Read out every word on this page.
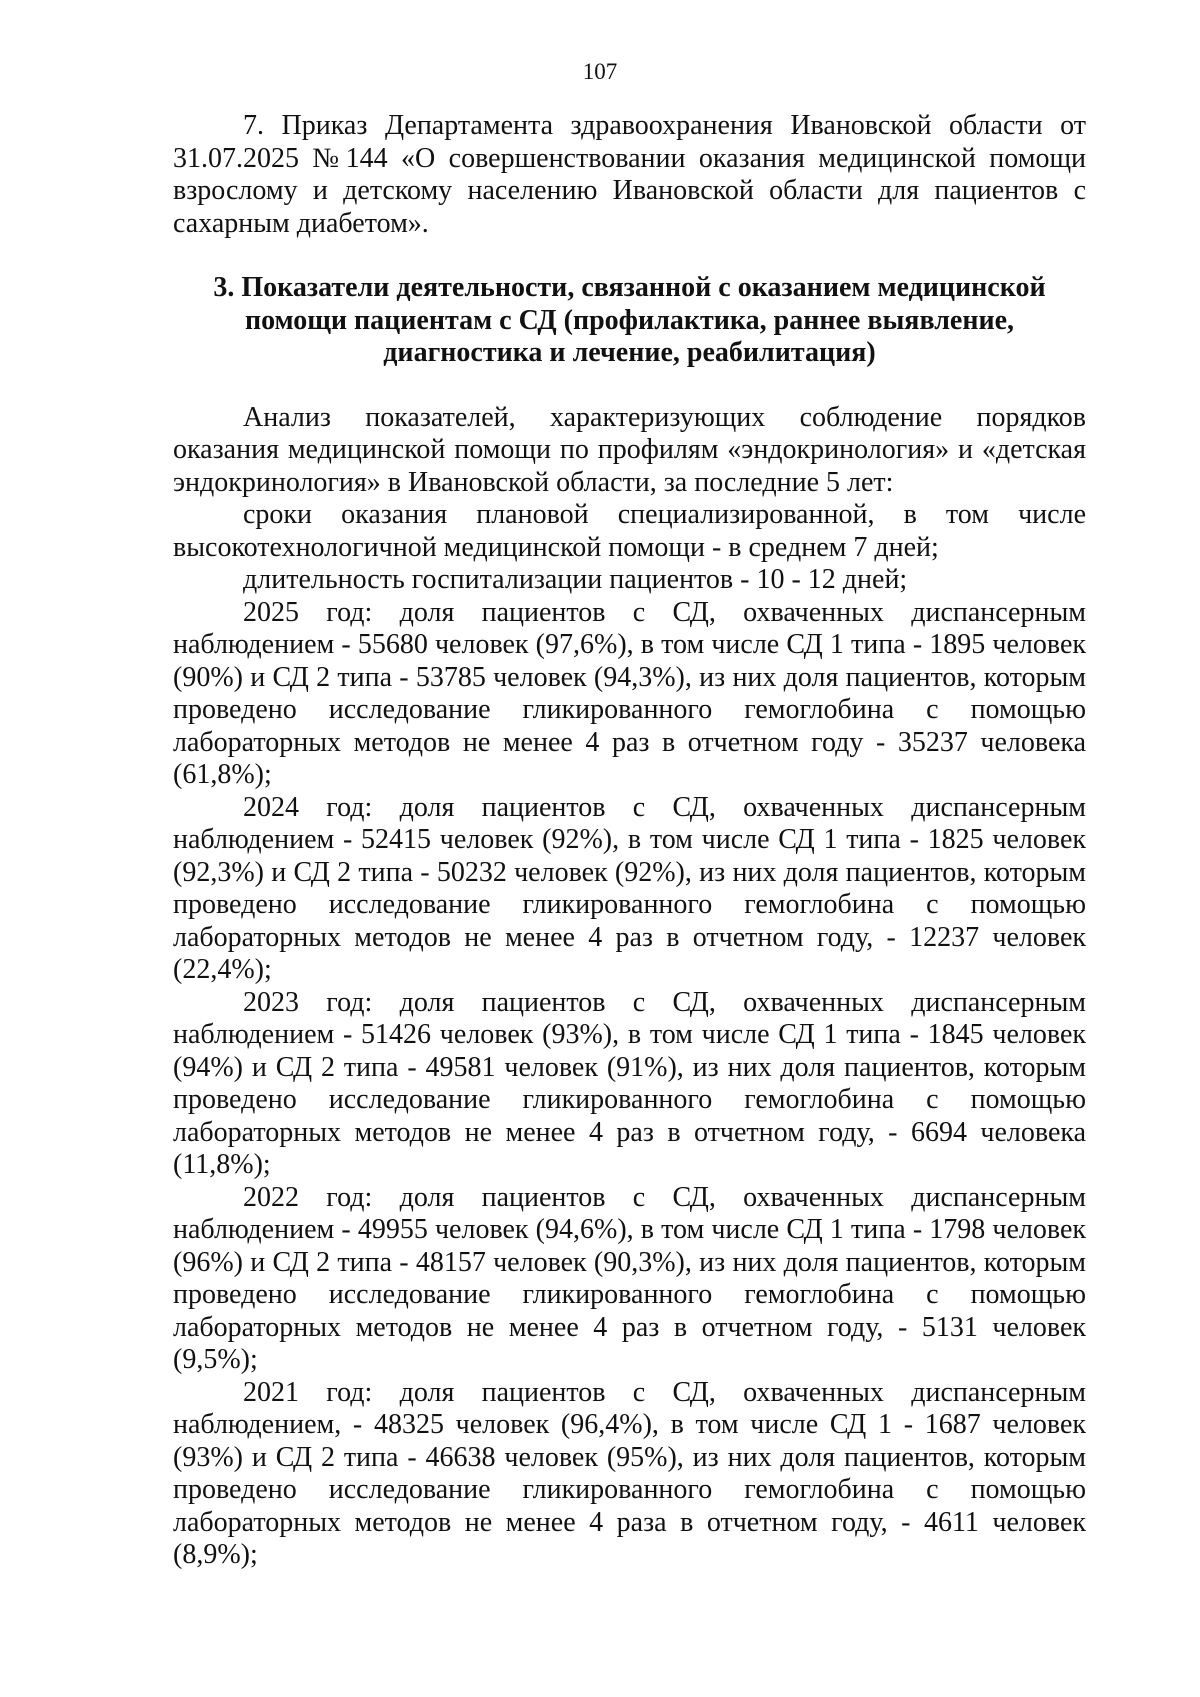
107

7. Приказ Департамента здравоохранения Ивановской области от 31.07.2025 №144 «О совершенствовании оказания медицинской помощи взрослому и детскому населению Ивановской области для пациентов с сахарным диабетом».

3. Показатели деятельности, связанной с оказанием медицинской
помощи пациентам с СД (профилактика, раннее выявление,
диагностика и лечение, реабилитация)

Анализ показателей, характеризующих соблюдение порядков оказания медицинской помощи по профилям «эндокринология» и «детская эндокринология» в Ивановской области, за последние 5 лет:

сроки оказания плановой специализированной, в том числе высокотехнологичной медицинской помощи - в среднем 7 дней;

длительность госпитализации пациентов - 10 - 12 дней;

2025 год: доля пациентов с СД, охваченных диспансерным наблюдением - 55680 человек (97,6%), в том числе СД 1 типа - 1895 человек (90%) и СД 2 типа - 53785 человек (94,3%), из них доля пациентов, которым проведено исследование гликированного гемоглобина с помощью лабораторных методов не менее 4 раз в отчетном году - 35237 человека (61,8%);

2024 год: доля пациентов с СД, охваченных диспансерным наблюдением - 52415 человек (92%), в том числе СД 1 типа - 1825 человек (92,3%) и СД 2 типа - 50232 человек (92%), из них доля пациентов, которым проведено исследование гликированного гемоглобина с помощью лабораторных методов не менее 4 раз в отчетном году, - 12237 человек (22,4%);

2023 год: доля пациентов с СД, охваченных диспансерным наблюдением - 51426 человек (93%), в том числе СД 1 типа - 1845 человек (94%) и СД 2 типа - 49581 человек (91%), из них доля пациентов, которым проведено исследование гликированного гемоглобина с помощью лабораторных методов не менее 4 раз в отчетном году, - 6694 человека (11,8%);

2022 год: доля пациентов с СД, охваченных диспансерным наблюдением - 49955 человек (94,6%), в том числе СД 1 типа - 1798 человек (96%) и СД 2 типа - 48157 человек (90,3%), из них доля пациентов, которым проведено исследование гликированного гемоглобина с помощью лабораторных методов не менее 4 раз в отчетном году, - 5131 человек (9,5%);

2021 год: доля пациентов с СД, охваченных диспансерным наблюдением, - 48325 человек (96,4%), в том числе СД 1 - 1687 человек (93%) и СД 2 типа - 46638 человек (95%), из них доля пациентов, которым проведено исследование гликированного гемоглобина с помощью лабораторных методов не менее 4 раза в отчетном году, - 4611 человек (8,9%);
